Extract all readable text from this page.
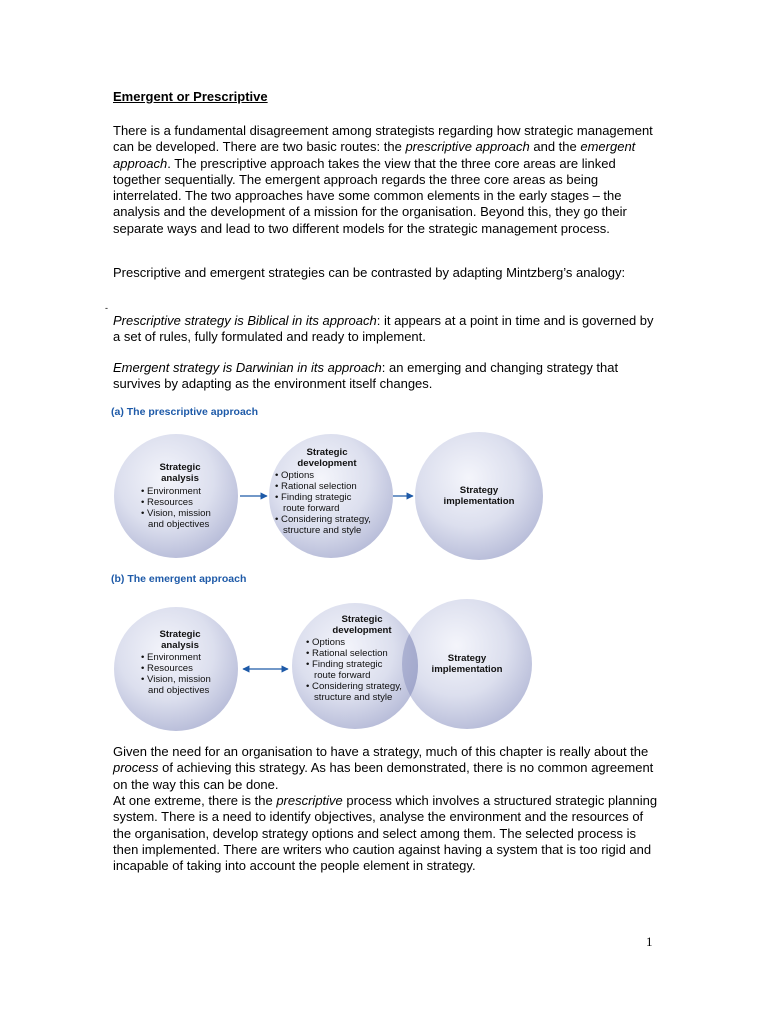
Emergent or Prescriptive

There is a fundamental disagreement among strategists regarding how strategic management can be developed. There are two basic routes: the prescriptive approach and the emergent approach. The prescriptive approach takes the view that the three core areas are linked together sequentially. The emergent approach regards the three core areas as being interrelated. The two approaches have some common elements in the early stages – the analysis and the development of a mission for the organisation. Beyond this, they go their separate ways and lead to two different models for the strategic management process.

Prescriptive and emergent strategies can be contrasted by adapting Mintzberg’s analogy:

-

Prescriptive strategy is Biblical in its approach: it appears at a point in time and is governed by a set of rules, fully formulated and ready to implement.

Emergent strategy is Darwinian in its approach: an emerging and changing strategy that survives by adapting as the environment itself changes.

(a) The prescriptive approach

Strategic
analysis
• Environment
• Resources
• Vision, mission
and objectives
Strategic
development
• Options
• Rational selection
• Finding strategic
route forward
• Considering strategy,
structure and style
Strategy
implementation

(b) The emergent approach

Strategic
analysis
• Environment
• Resources
• Vision, mission
and objectives
Strategic
development
• Options
• Rational selection
• Finding strategic
route forward
• Considering strategy,
structure and style
Strategy
implementation

Given the need for an organisation to have a strategy, much of this chapter is really about the process of achieving this strategy. As has been demonstrated, there is no common agreement on the way this can be done.

At one extreme, there is the prescriptive process which involves a structured strategic planning system. There is a need to identify objectives, analyse the environment and the resources of the organisation, develop strategy options and select among them. The selected process is then implemented. There are writers who caution against having a system that is too rigid and incapable of taking into account the people element in strategy.

1
